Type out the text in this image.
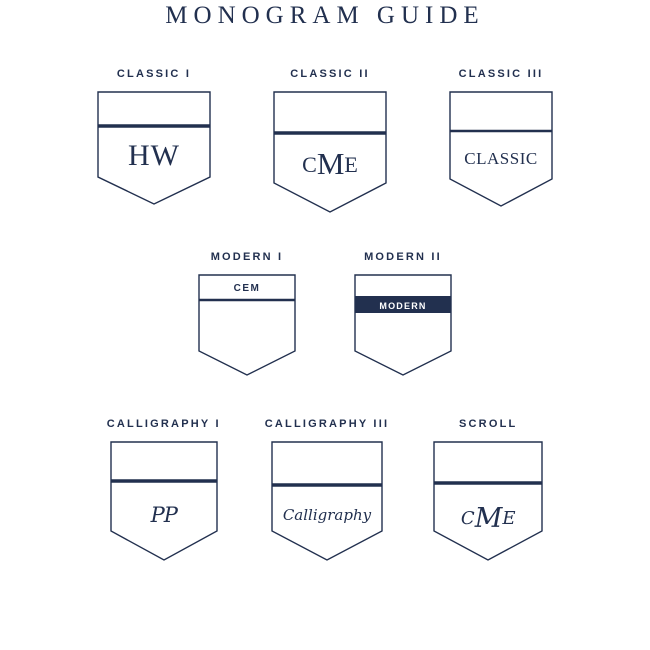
MONOGRAM GUIDE
CLASSIC I
HW
CLASSIC II
CME
CLASSIC III
CLASSIC
MODERN I
CEM
MODERN II
MODERN
CALLIGRAPHY I
PP
CALLIGRAPHY III
Calligraphy
SCROLL
CME
